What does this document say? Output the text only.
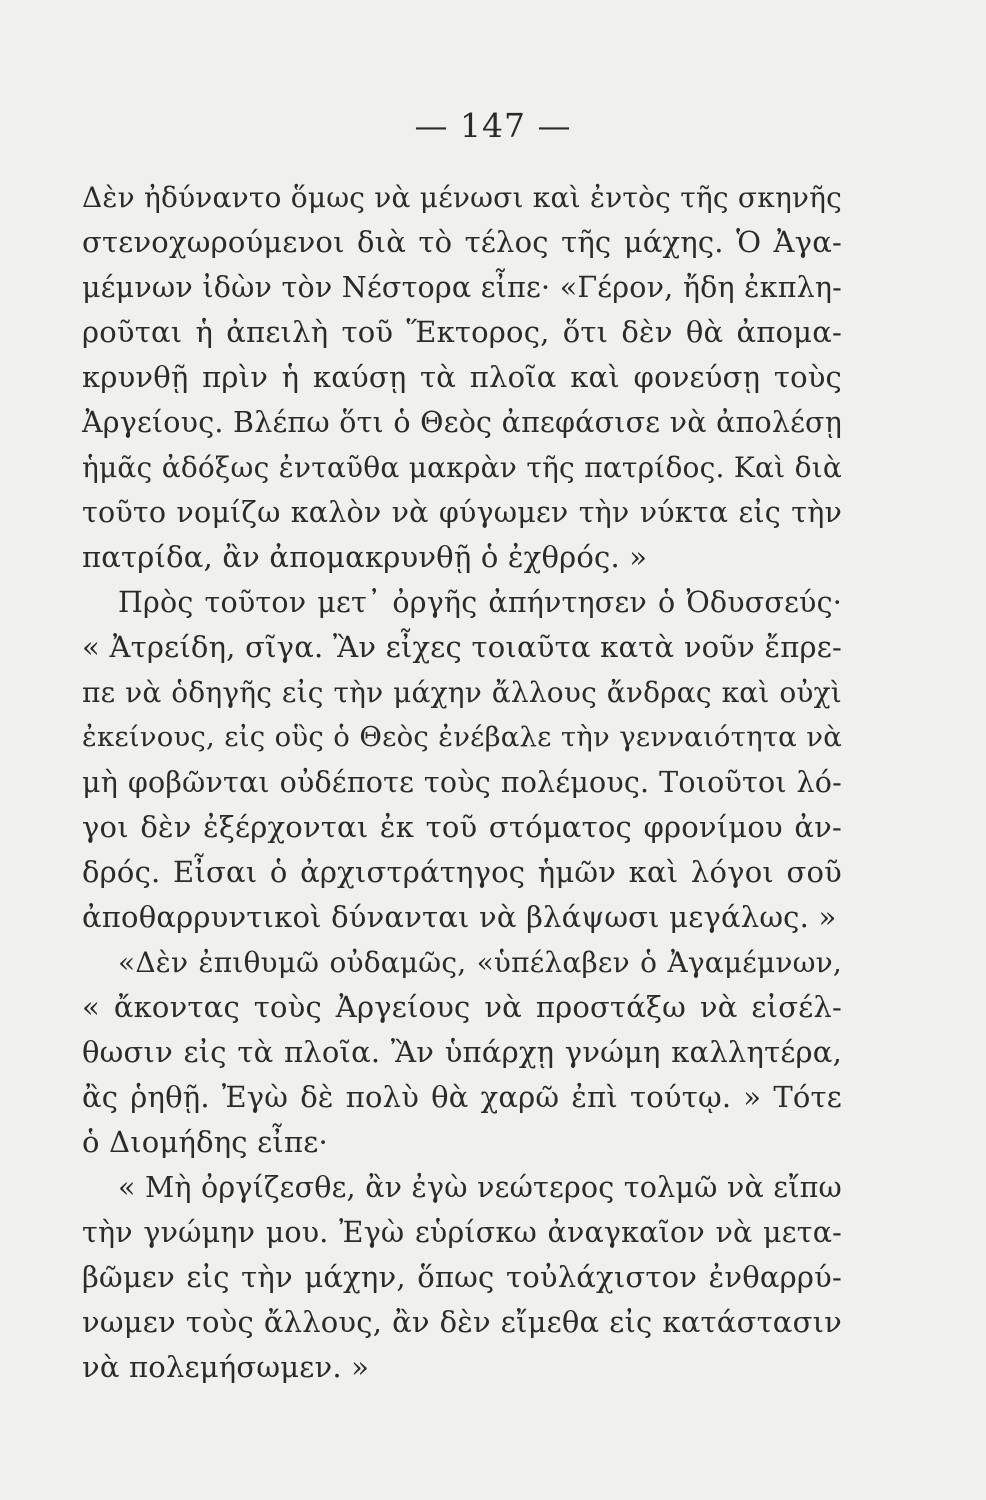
— 147 —
Δὲν ἠδύναντο ὅμως νὰ μένωσι καὶ ἐντὸς τῆς σκηνῆς
στενοχωρούμενοι διὰ τὸ τέλος τῆς μάχης. Ὁ Ἀγα-
μέμνων ἰδὼν τὸν Νέστορα εἶπε· «Γέρον, ἤδη ἐκπλη-
ροῦται ἡ ἀπειλὴ τοῦ Ἕκτορος, ὅτι δὲν θὰ ἀπομα-
κρυνθῇ πρὶν ἡ καύσῃ τὰ πλοῖα καὶ φονεύσῃ τοὺς
Ἀργείους. Βλέπω ὅτι ὁ Θεὸς ἀπεφάσισε νὰ ἀπολέσῃ
ἡμᾶς ἀδόξως ἐνταῦθα μακρὰν τῆς πατρίδος. Καὶ διὰ
τοῦτο νομίζω καλὸν νὰ φύγωμεν τὴν νύκτα εἰς τὴν
πατρίδα, ἂν ἀπομακρυνθῇ ὁ ἐχθρός. »
Πρὸς τοῦτον μετ᾽ ὀργῆς ἀπήντησεν ὁ Ὀδυσσεύς·
« Ἀτρείδη, σῖγα. Ἂν εἶχες τοιαῦτα κατὰ νοῦν ἔπρε-
πε νὰ ὁδηγῆς εἰς τὴν μάχην ἄλλους ἄνδρας καὶ οὐχὶ
ἐκείνους, εἰς οὓς ὁ Θεὸς ἐνέβαλε τὴν γενναιότητα νὰ
μὴ φοβῶνται οὐδέποτε τοὺς πολέμους. Τοιοῦτοι λό-
γοι δὲν ἐξέρχονται ἐκ τοῦ στόματος φρονίμου ἀν-
δρός. Εἶσαι ὁ ἀρχιστράτηγος ἡμῶν καὶ λόγοι σοῦ
ἀποθαρρυντικοὶ δύνανται νὰ βλάψωσι μεγάλως. »
«Δὲν ἐπιθυμῶ οὐδαμῶς, «ὑπέλαβεν ὁ Ἀγαμέμνων,
« ἄκοντας τοὺς Ἀργείους νὰ προστάξω νὰ εἰσέλ-
θωσιν εἰς τὰ πλοῖα. Ἂν ὑπάρχῃ γνώμη καλλητέρα,
ἂς ῥηθῇ. Ἐγὼ δὲ πολὺ θὰ χαρῶ ἐπὶ τούτῳ. » Τότε
ὁ Διομήδης εἶπε·
« Μὴ ὀργίζεσθε, ἂν ἐγὼ νεώτερος τολμῶ νὰ εἴπω
τὴν γνώμην μου. Ἐγὼ εὑρίσκω ἀναγκαῖον νὰ μετα-
βῶμεν εἰς τὴν μάχην, ὅπως τοὐλάχιστον ἐνθαρρύ-
νωμεν τοὺς ἄλλους, ἂν δὲν εἴμεθα εἰς κατάστασιν
νὰ πολεμήσωμεν. »
